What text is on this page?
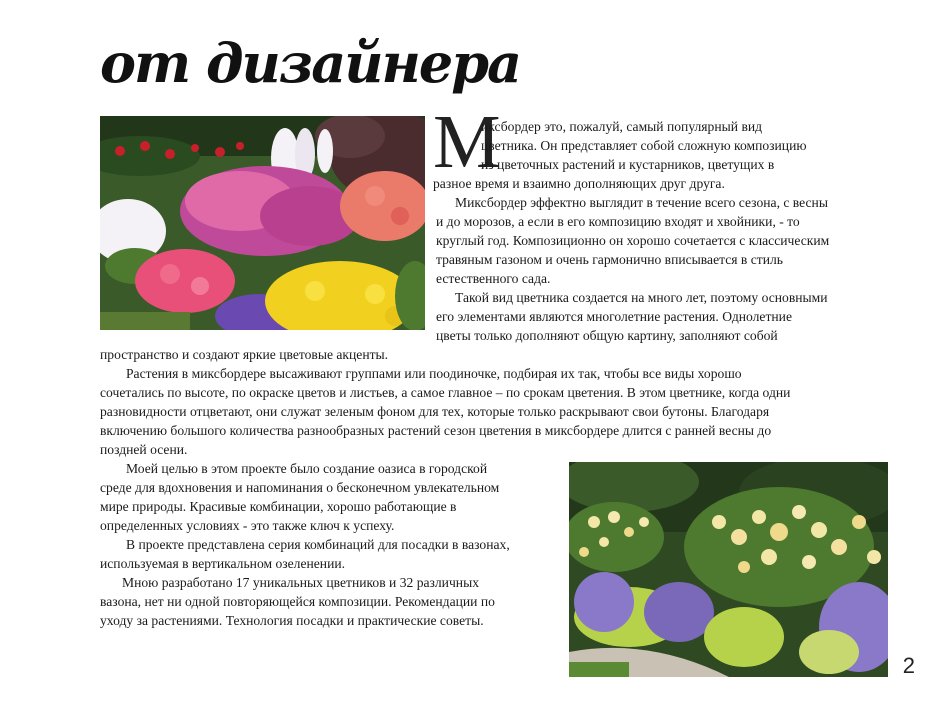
от дизайнера
М

иксбордер это, пожалуй, самый популярный вид

цветника. Он представляет собой сложную композицию

из цветочных растений и кустарников, цветущих в

разное время и взаимно дополняющих друг друга.

Миксбордер эффектно выглядит в течение всего сезона, с весны

и до морозов, а если в его композицию входят и хвойники, - то

круглый год. Композиционно он хорошо сочетается с классическим

травяным газоном и очень гармонично вписывается в стиль

естественного сада.

Такой вид цветника создается на много лет, поэтому основными

его элементами являются многолетние растения. Однолетние

цветы только дополняют общую картину, заполняют собой

пространство и создают яркие цветовые акценты.

Растения в миксбордере высаживают группами или поодиночке, подбирая их так, чтобы все виды хорошо

сочетались по высоте, по окраске цветов и листьев, а самое главное – по срокам цветения. В этом цветнике, когда одни

разновидности отцветают, они служат зеленым фоном для тех, которые только раскрывают свои бутоны. Благодаря

включению большого количества разнообразных растений сезон цветения в миксбордере длится с ранней весны до

поздней осени.

Моей целью в этом проекте было создание оазиса в городской

среде для вдохновения и напоминания о бесконечном увлекательном

мире природы. Красивые комбинации, хорошо работающие в

определенных условиях - это также ключ к успеху.

В проекте представлена серия комбинаций для посадки в вазонах,

используемая в вертикальном озеленении.

Мною разработано 17 уникальных цветников и 32 различных

вазона, нет ни одной повторяющейся композиции. Рекомендации по

уходу за растениями. Технология посадки и практические советы.

2
